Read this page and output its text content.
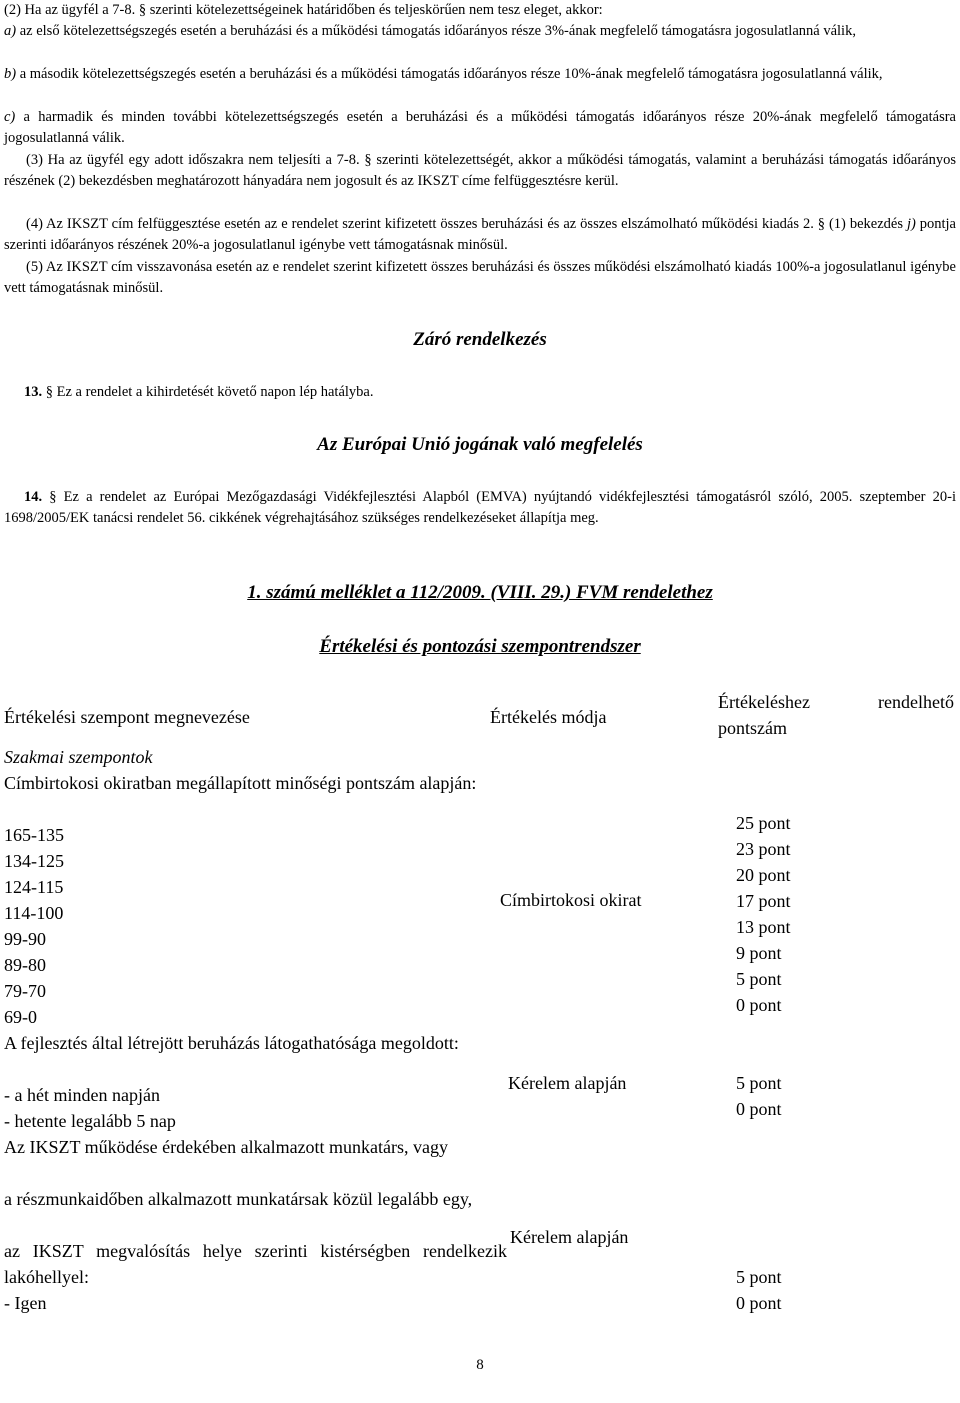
(2) Ha az ügyfél a 7-8. § szerinti kötelezettségeinek határidőben és teljeskörűen nem tesz eleget, akkor:

a) az első kötelezettségszegés esetén a beruházási és a működési támogatás időarányos része 3%-ának megfelelő támogatásra jogosulatlanná válik,

b) a második kötelezettségszegés esetén a beruházási és a működési támogatás időarányos része 10%-ának megfelelő támogatásra jogosulatlanná válik,

c) a harmadik és minden további kötelezettségszegés esetén a beruházási és a működési támogatás időarányos része 20%-ának megfelelő támogatásra jogosulatlanná válik.

(3) Ha az ügyfél egy adott időszakra nem teljesíti a 7-8. § szerinti kötelezettségét, akkor a működési támogatás, valamint a beruházási támogatás időarányos részének (2) bekezdésben meghatározott hányadára nem jogosult és az IKSZT címe felfüggesztésre kerül.

(4) Az IKSZT cím felfüggesztése esetén az e rendelet szerint kifizetett összes beruházási és az összes elszámolható működési kiadás 2. § (1) bekezdés j) pontja szerinti időarányos részének 20%-a jogosulatlanul igénybe vett támogatásnak minősül.

(5) Az IKSZT cím visszavonása esetén az e rendelet szerint kifizetett összes beruházási és összes működési elszámolható kiadás 100%-a jogosulatlanul igénybe vett támogatásnak minősül.

Záró rendelkezés

13. § Ez a rendelet a kihirdetését követő napon lép hatályba.

Az Európai Unió jogának való megfelelés

14. § Ez a rendelet az Európai Mezőgazdasági Vidékfejlesztési Alapból (EMVA) nyújtandó vidékfejlesztési támogatásról szóló, 2005. szeptember 20-i 1698/2005/EK tanácsi rendelet 56. cikkének végrehajtásához szükséges rendelkezéseket állapítja meg.

1. számú melléklet a 112/2009. (VIII. 29.) FVM rendelethez
Értékelési és pontozási szempontrendszer
Értékelési szempont megnevezése	Értékelés módja
Értékeléshez rendelhető pontszám
Szakmai szempontok
Címbirtokosi okiratban megállapított minőségi pontszám alapján:
165-135
134-125
124-115
114-100
99-90
89-80
79-70
69-0
Címbirtokosi okirat
25 pont
23 pont
20 pont
17 pont
13 pont
9 pont
5 pont
0 pont
A fejlesztés által létrejött beruházás látogathatósága megoldott:
- a hét minden napján
- hetente legalább 5 nap
Kérelem alapján	5 pont
0 pont
Az IKSZT működése érdekében alkalmazott munkatárs, vagy
a részmunkaidőben alkalmazott munkatársak közül legalább egy,
az IKSZT megvalósítás helye szerinti kistérségben rendelkezik lakóhellyel:
- Igen
Kérelem alapján
5 pont
0 pont

8
